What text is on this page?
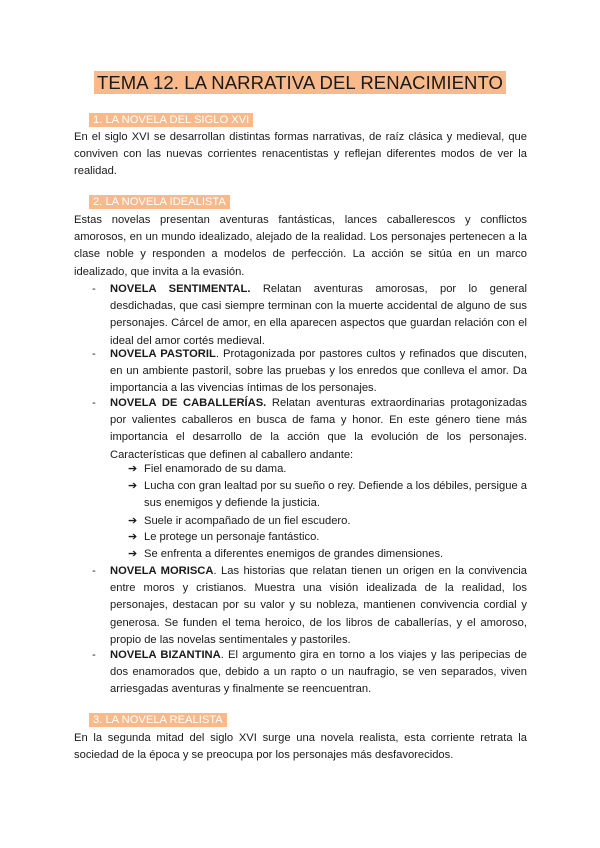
TEMA 12. LA NARRATIVA DEL RENACIMIENTO
1. LA NOVELA DEL SIGLO XVI
En el siglo XVI se desarrollan distintas formas narrativas, de raíz clásica y medieval, que conviven con las nuevas corrientes renacentistas y reflejan diferentes modos de ver la realidad.
2. LA NOVELA IDEALISTA
Estas novelas presentan aventuras fantásticas, lances caballerescos y conflictos amorosos, en un mundo idealizado, alejado de la realidad. Los personajes pertenecen a la clase noble y responden a modelos de perfección. La acción se sitúa en un marco idealizado, que invita a la evasión.
- NOVELA SENTIMENTAL. Relatan aventuras amorosas, por lo general desdichadas, que casi siempre terminan con la muerte accidental de alguno de sus personajes. Cárcel de amor, en ella aparecen aspectos que guardan relación con el ideal del amor cortés medieval.
- NOVELA PASTORIL. Protagonizada por pastores cultos y refinados que discuten, en un ambiente pastoril, sobre las pruebas y los enredos que conlleva el amor. Da importancia a las vivencias íntimas de los personajes.
- NOVELA DE CABALLERÍAS. Relatan aventuras extraordinarias protagonizadas por valientes caballeros en busca de fama y honor. En este género tiene más importancia el desarrollo de la acción que la evolución de los personajes. Características que definen al caballero andante:
➔ Fiel enamorado de su dama.
➔ Lucha con gran lealtad por su sueño o rey. Defiende a los débiles, persigue a sus enemigos y defiende la justicia.
➔ Suele ir acompañado de un fiel escudero.
➔ Le protege un personaje fantástico.
➔ Se enfrenta a diferentes enemigos de grandes dimensiones.
- NOVELA MORISCA. Las historias que relatan tienen un origen en la convivencia entre moros y cristianos. Muestra una visión idealizada de la realidad, los personajes, destacan por su valor y su nobleza, mantienen convivencia cordial y generosa. Se funden el tema heroico, de los libros de caballerías, y el amoroso, propio de las novelas sentimentales y pastoriles.
- NOVELA BIZANTINA. El argumento gira en torno a los viajes y las peripecias de dos enamorados que, debido a un rapto o un naufragio, se ven separados, viven arriesgadas aventuras y finalmente se reencuentran.
3. LA NOVELA REALISTA
En la segunda mitad del siglo XVI surge una novela realista, esta corriente retrata la sociedad de la época y se preocupa por los personajes más desfavorecidos.
